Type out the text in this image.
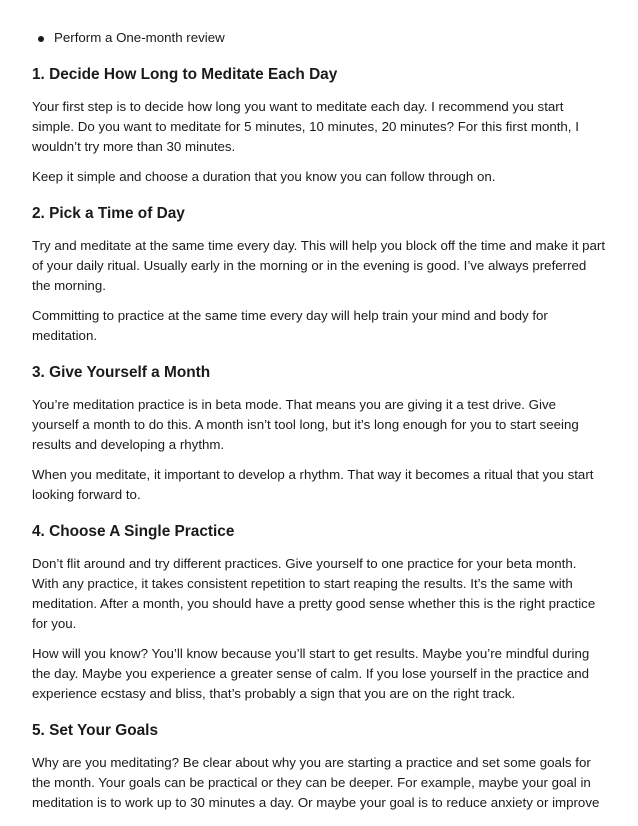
Perform a One-month review
1. Decide How Long to Meditate Each Day

Your first step is to decide how long you want to meditate each day. I recommend you start simple. Do you want to meditate for 5 minutes, 10 minutes, 20 minutes? For this first month, I wouldn’t try more than 30 minutes.

Keep it simple and choose a duration that you know you can follow through on.

2. Pick a Time of Day

Try and meditate at the same time every day. This will help you block off the time and make it part of your daily ritual. Usually early in the morning or in the evening is good. I’ve always preferred the morning.

Committing to practice at the same time every day will help train your mind and body for meditation.

3. Give Yourself a Month

You’re meditation practice is in beta mode. That means you are giving it a test drive. Give yourself a month to do this. A month isn’t tool long, but it’s long enough for you to start seeing results and developing a rhythm.

When you meditate, it important to develop a rhythm. That way it becomes a ritual that you start looking forward to.

4. Choose A Single Practice

Don’t flit around and try different practices. Give yourself to one practice for your beta month. With any practice, it takes consistent repetition to start reaping the results. It’s the same with meditation. After a month, you should have a pretty good sense whether this is the right practice for you.

How will you know? You’ll know because you’ll start to get results. Maybe you’re mindful during the day. Maybe you experience a greater sense of calm. If you lose yourself in the practice and experience ecstasy and bliss, that’s probably a sign that you are on the right track.

5. Set Your Goals

Why are you meditating? Be clear about why you are starting a practice and set some goals for the month. Your goals can be practical or they can be deeper. For example, maybe your goal in meditation is to work up to 30 minutes a day. Or maybe your goal is to reduce anxiety or improve
